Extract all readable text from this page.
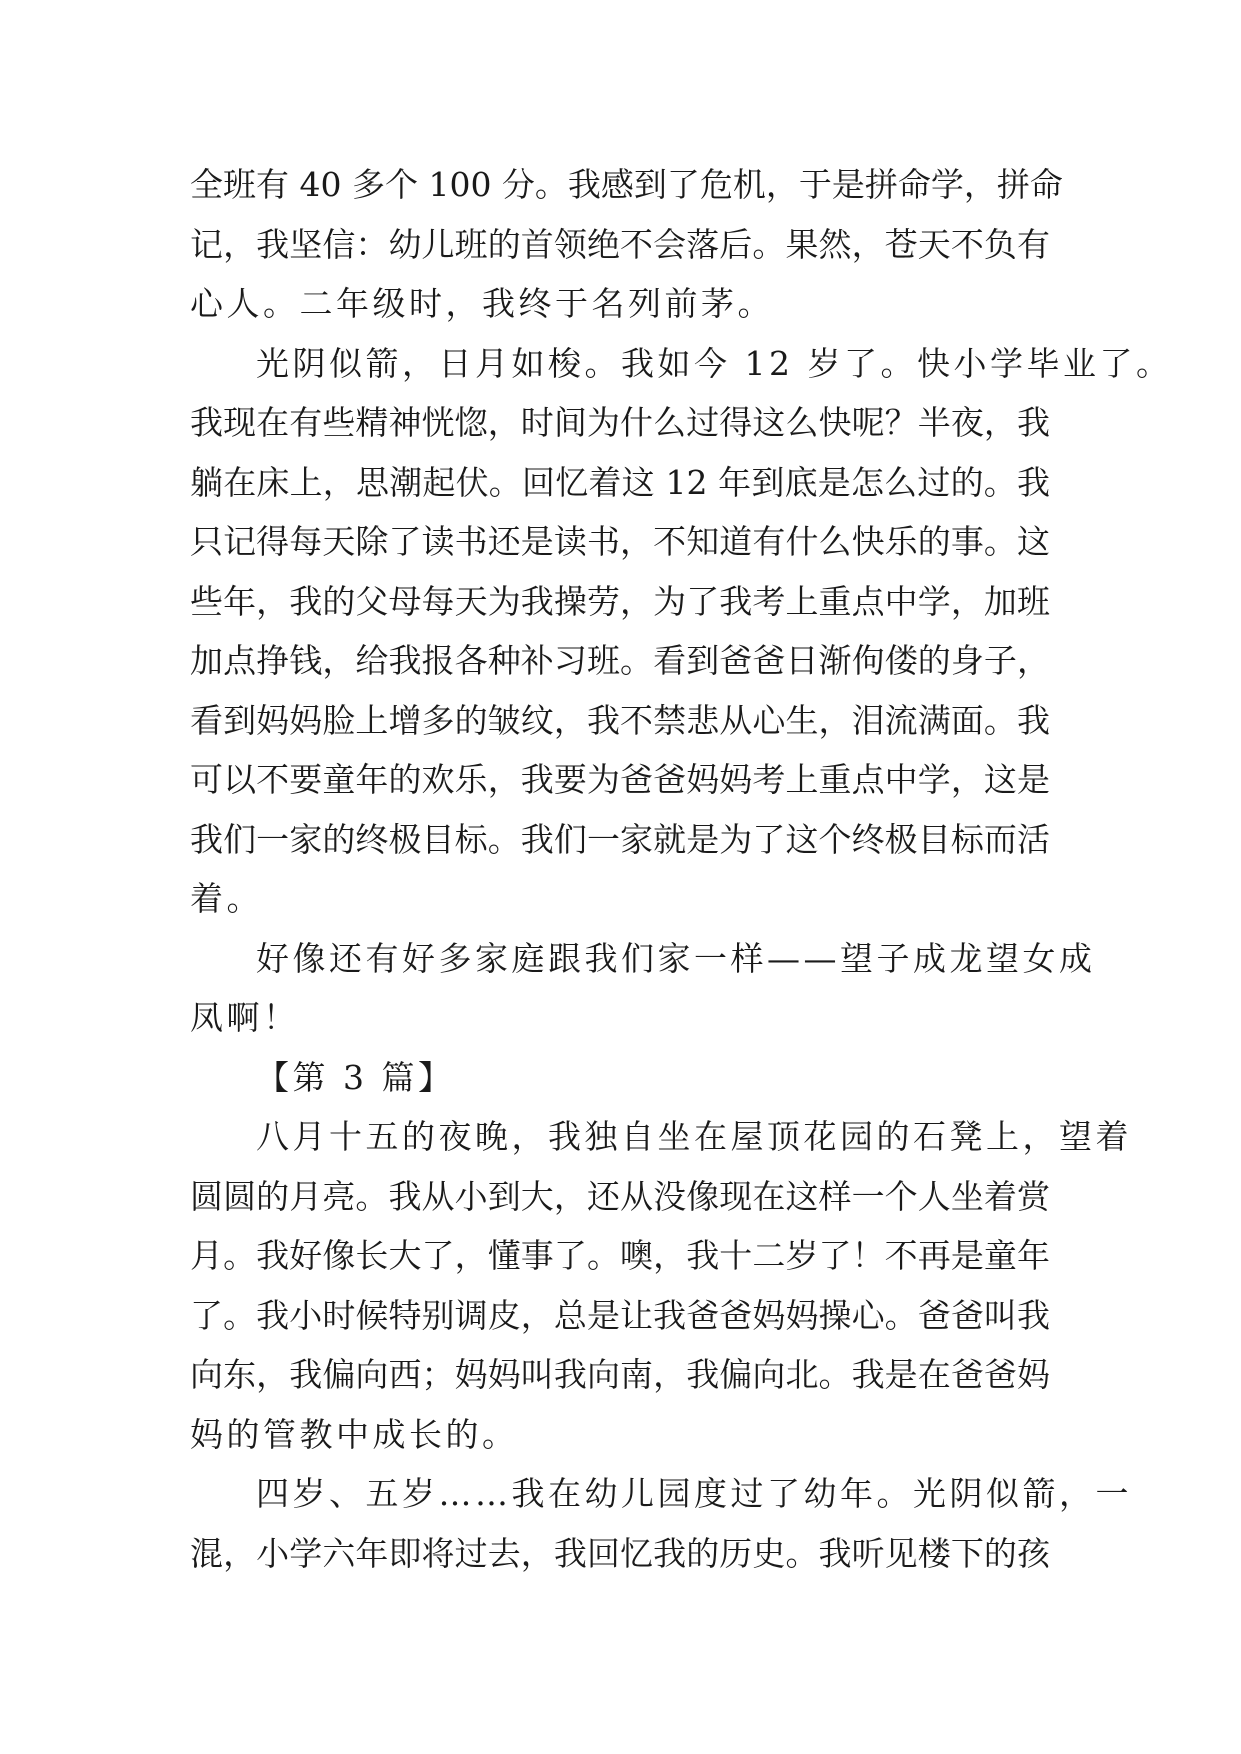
全班有 40 多个 100 分。我感到了危机，于是拼命学，拼命
记，我坚信：幼儿班的首领绝不会落后。果然，苍天不负有
心人。二年级时，我终于名列前茅。
光阴似箭，日月如梭。我如今 12 岁了。快小学毕业了。
我现在有些精神恍惚，时间为什么过得这么快呢？半夜，我
躺在床上，思潮起伏。回忆着这 12 年到底是怎么过的。我
只记得每天除了读书还是读书，不知道有什么快乐的事。这
些年，我的父母每天为我操劳，为了我考上重点中学，加班
加点挣钱，给我报各种补习班。看到爸爸日渐佝偻的身子，
看到妈妈脸上增多的皱纹，我不禁悲从心生，泪流满面。我
可以不要童年的欢乐，我要为爸爸妈妈考上重点中学，这是
我们一家的终极目标。我们一家就是为了这个终极目标而活
着。
好像还有好多家庭跟我们家一样——望子成龙望女成
凤啊！
【第 3 篇】
八月十五的夜晚，我独自坐在屋顶花园的石凳上，望着
圆圆的月亮。我从小到大，还从没像现在这样一个人坐着赏
月。我好像长大了，懂事了。噢，我十二岁了！不再是童年
了。我小时候特别调皮，总是让我爸爸妈妈操心。爸爸叫我
向东，我偏向西；妈妈叫我向南，我偏向北。我是在爸爸妈
妈的管教中成长的。
四岁、五岁……我在幼儿园度过了幼年。光阴似箭，一
混，小学六年即将过去，我回忆我的历史。我听见楼下的孩
